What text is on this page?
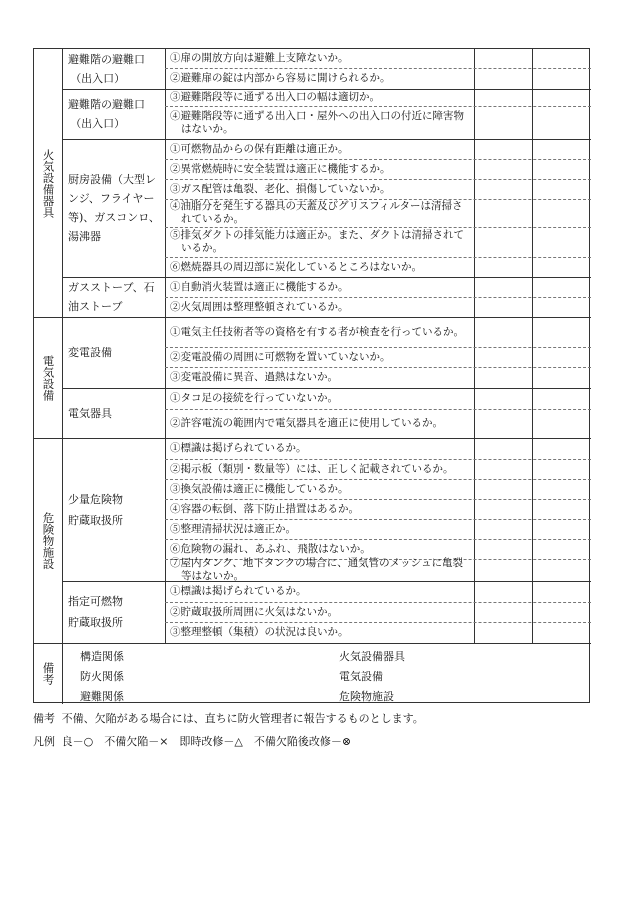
火気設備器具
電気設備
危険物施設
避難階の避難口
（出入口）
避難階の避難口
（出入口）
厨房設備（大型レ
ンジ、フライヤー
等)、ガスコンロ、
湯沸器
ガスストーブ、石
油ストーブ
変電設備
電気器具
少量危険物
貯蔵取扱所
指定可燃物
貯蔵取扱所
①扉の開放方向は避難上支障ないか。
②避難扉の錠は内部から容易に開けられるか。
③避難階段等に通ずる出入口の幅は適切か。
④避難階段等に通ずる出入口・屋外への出入口の付近に障害物はないか。
①可燃物品からの保有距離は適正か。
②異常燃焼時に安全装置は適正に機能するか。
③ガス配管は亀裂、老化、損傷していないか。
④油脂分を発生する器具の天蓋及びグリスフィルターは清掃されているか。
⑤排気ダクトの排気能力は適正か。また、ダクトは清掃されているか。
⑥燃焼器具の周辺部に炭化しているところはないか。
①自動消火装置は適正に機能するか。
②火気周囲は整理整頓されているか。
①電気主任技術者等の資格を有する者が検査を行っているか。
②変電設備の周囲に可燃物を置いていないか。
③変電設備に異音、過熱はないか。
①タコ足の接続を行っていないか。
②許容電流の範囲内で電気器具を適正に使用しているか。
①標識は掲げられているか。
②掲示板（類別・数量等）には、正しく記載されているか。
③換気設備は適正に機能しているか。
④容器の転倒、落下防止措置はあるか。
⑤整理清掃状況は適正か。
⑥危険物の漏れ、あふれ、飛散はないか。
⑦屋内タンク、地下タンクの場合に、通気管のメッシュに亀裂等はないか。
①標識は掲げられているか。
②貯蔵取扱所周囲に火気はないか。
③整理整頓（集積）の状況は良いか。
備考
構造関係
防火関係
避難関係
火気設備器具
電気設備
危険物施設
備考 不備、欠陥がある場合には、直ちに防火管理者に報告するものとします。
凡例 良－○　不備欠陥－×　即時改修－△　不備欠陥後改修－⊗
